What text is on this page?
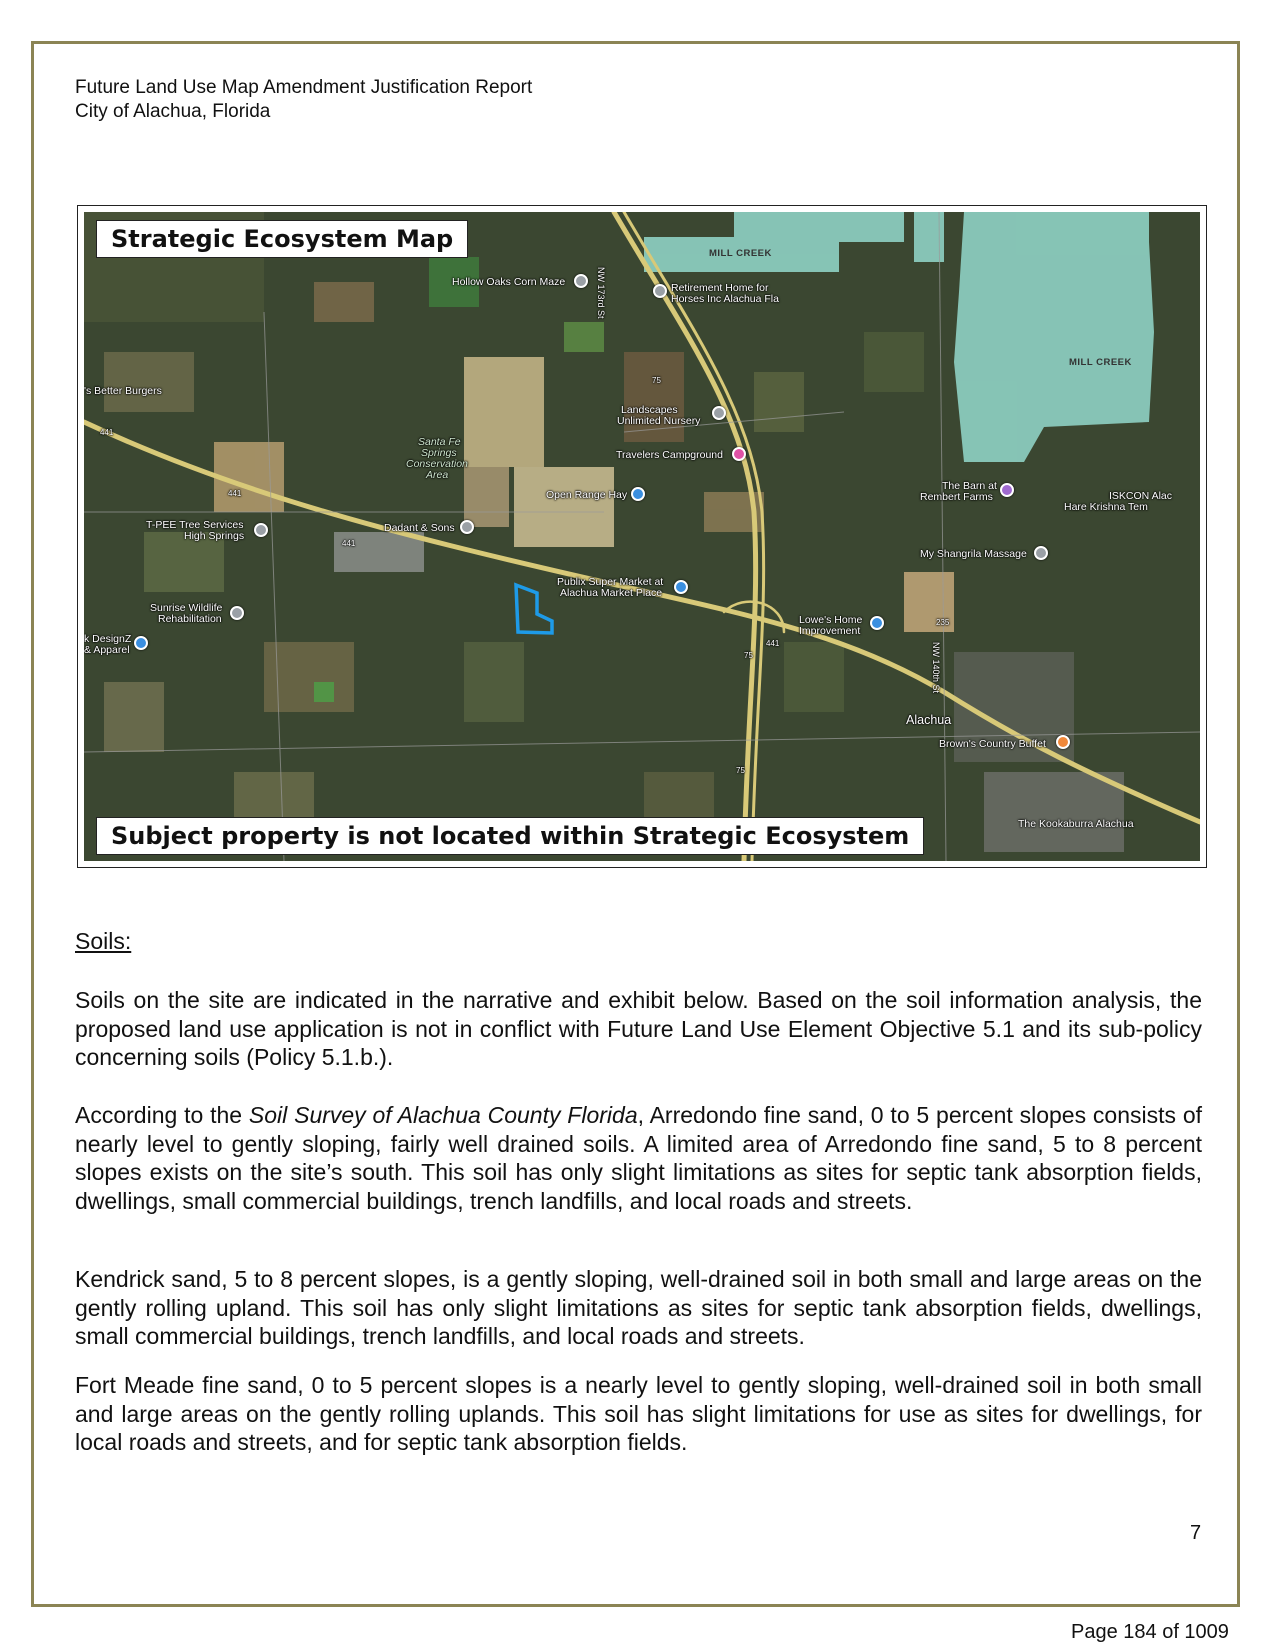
Future Land Use Map Amendment Justification Report
City of Alachua, Florida
Strategic Ecosystem Map
Subject property is not located within Strategic Ecosystem
MILL CREEK
MILL CREEK
Hollow Oaks Corn Maze	Retirement Home for
Horses Inc Alachua Fla
NW 173rd St
's Better Burgers
Landscapes
Unlimited Nursery
Santa Fe
Springs
Conservation
Area
Travelers Campground
The Barn at
Rembert Farms	ISKCON Alac
Hare Krishna Tem
Open Range Hay
T-PEE Tree Services
High Springs
Dadant & Sons
My Shangrila Massage
Publix Super Market at
Alachua Market Place
Sunrise Wildlife
Rehabilitation
k DesignZ
& Apparel
Lowe's Home
Improvement
Alachua
Brown's Country Buffet
The Kookaburra Alachua
NW 140th St
441
441
441
441
75
75
75
235
Soils:

Soils on the site are indicated in the narrative and exhibit below. Based on the soil information analysis, the proposed land use application is not in conflict with Future Land Use Element Objective 5.1 and its sub-policy concerning soils (Policy 5.1.b.).

According to the Soil Survey of Alachua County Florida, Arredondo fine sand, 0 to 5 percent slopes consists of nearly level to gently sloping, fairly well drained soils. A limited area of Arredondo fine sand, 5 to 8 percent slopes exists on the site’s south. This soil has only slight limitations as sites for septic tank absorption fields, dwellings, small commercial buildings, trench landfills, and local roads and streets.

Kendrick sand, 5 to 8 percent slopes, is a gently sloping, well-drained soil in both small and large areas on the gently rolling upland. This soil has only slight limitations as sites for septic tank absorption fields, dwellings, small commercial buildings, trench landfills, and local roads and streets.

Fort Meade fine sand, 0 to 5 percent slopes is a nearly level to gently sloping, well-drained soil in both small and large areas on the gently rolling uplands. This soil has slight limitations for use as sites for dwellings, for local roads and streets, and for septic tank absorption fields.

7
Page 184 of 1009
